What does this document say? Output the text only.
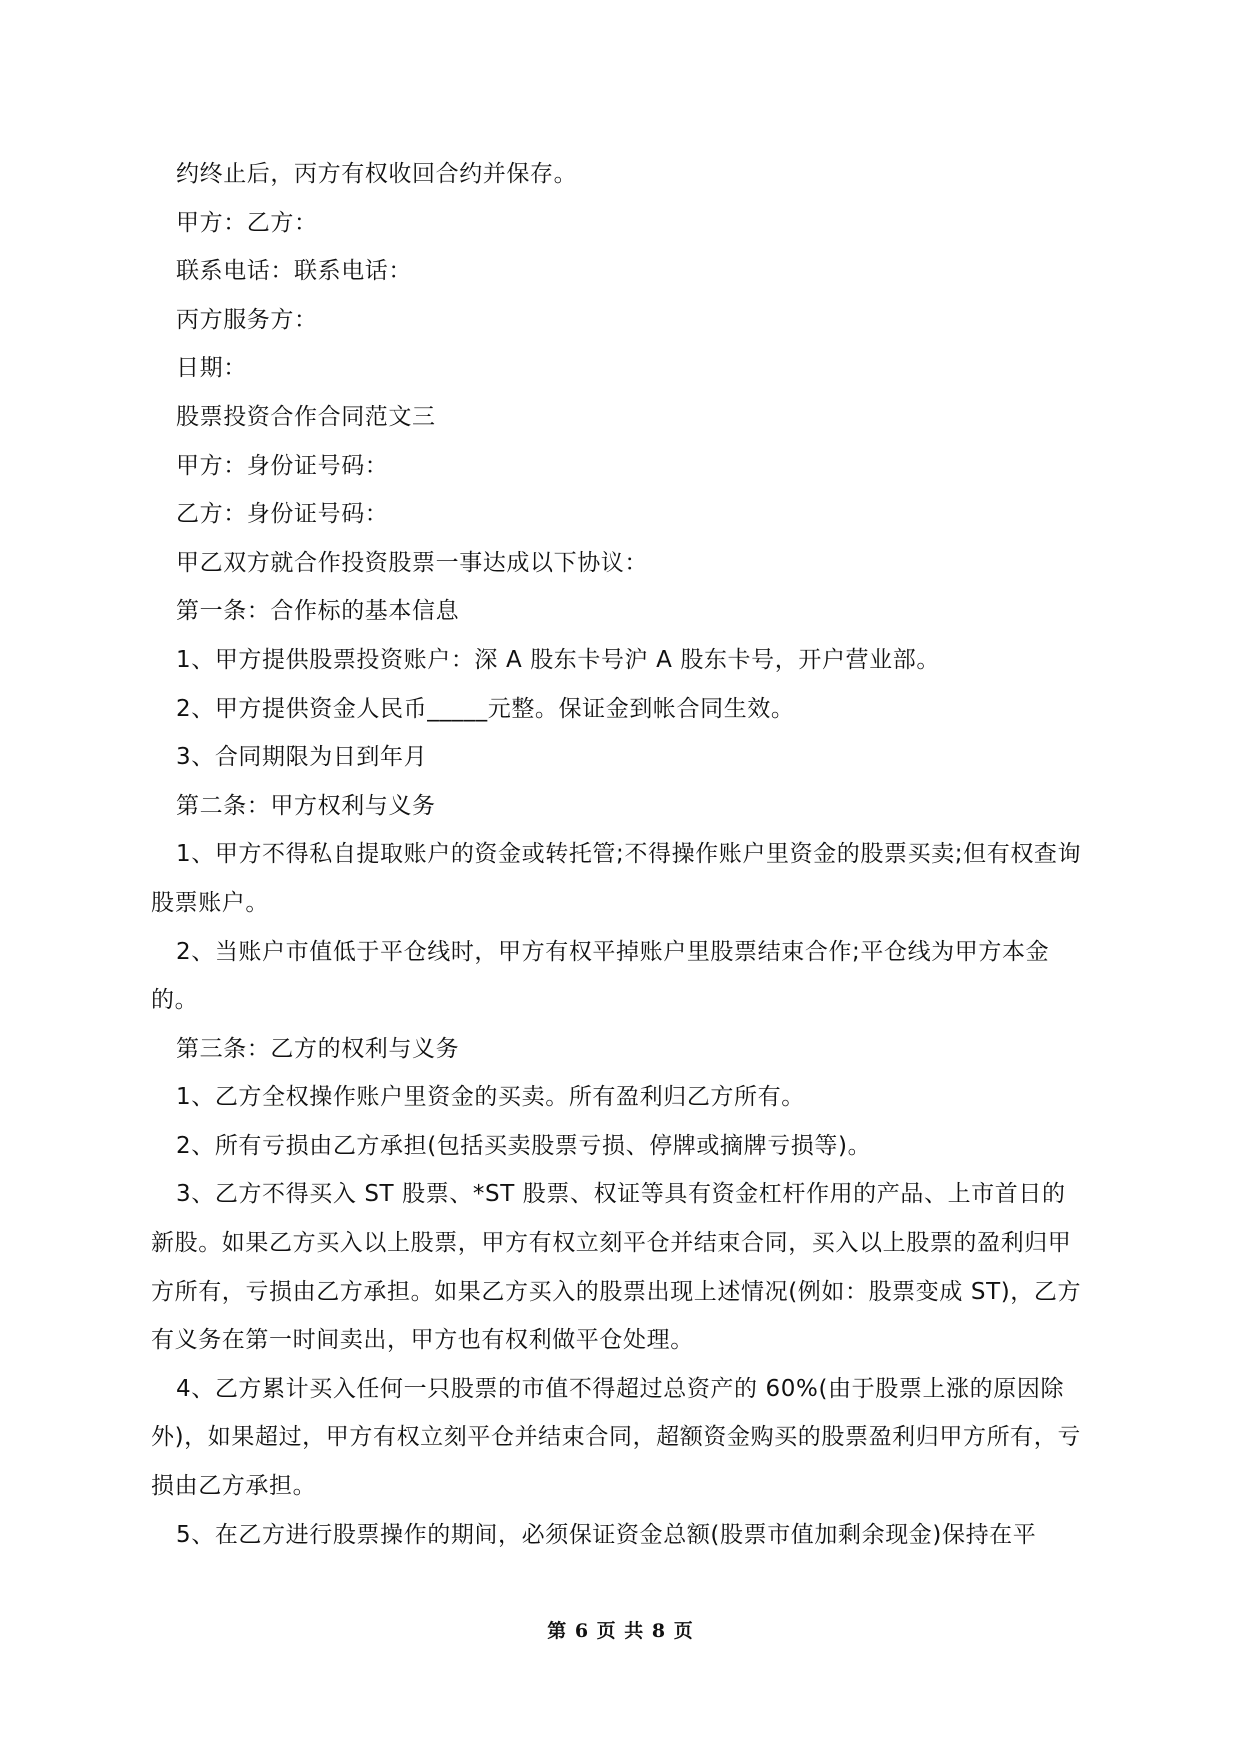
约终止后，丙方有权收回合约并保存。

甲方：乙方：

联系电话：联系电话：

丙方服务方：

日期：

股票投资合作合同范文三

甲方：身份证号码：

乙方：身份证号码：

甲乙双方就合作投资股票一事达成以下协议：

第一条：合作标的基本信息

1、甲方提供股票投资账户：深 A 股东卡号沪 A 股东卡号，开户营业部。

2、甲方提供资金人民币_____元整。保证金到帐合同生效。

3、合同期限为日到年月

第二条：甲方权利与义务

1、甲方不得私自提取账户的资金或转托管;不得操作账户里资金的股票买卖;但有权查询股票账户。

2、当账户市值低于平仓线时，甲方有权平掉账户里股票结束合作;平仓线为甲方本金的。

第三条：乙方的权利与义务

1、乙方全权操作账户里资金的买卖。所有盈利归乙方所有。

2、所有亏损由乙方承担(包括买卖股票亏损、停牌或摘牌亏损等)。

3、乙方不得买入 ST 股票、*ST 股票、权证等具有资金杠杆作用的产品、上市首日的新股。如果乙方买入以上股票，甲方有权立刻平仓并结束合同，买入以上股票的盈利归甲方所有，亏损由乙方承担。如果乙方买入的股票出现上述情况(例如：股票变成 ST)，乙方有义务在第一时间卖出，甲方也有权利做平仓处理。

4、乙方累计买入任何一只股票的市值不得超过总资产的 60%(由于股票上涨的原因除外)，如果超过，甲方有权立刻平仓并结束合同，超额资金购买的股票盈利归甲方所有，亏损由乙方承担。

5、在乙方进行股票操作的期间，必须保证资金总额(股票市值加剩余现金)保持在平

第 6 页 共 8 页
